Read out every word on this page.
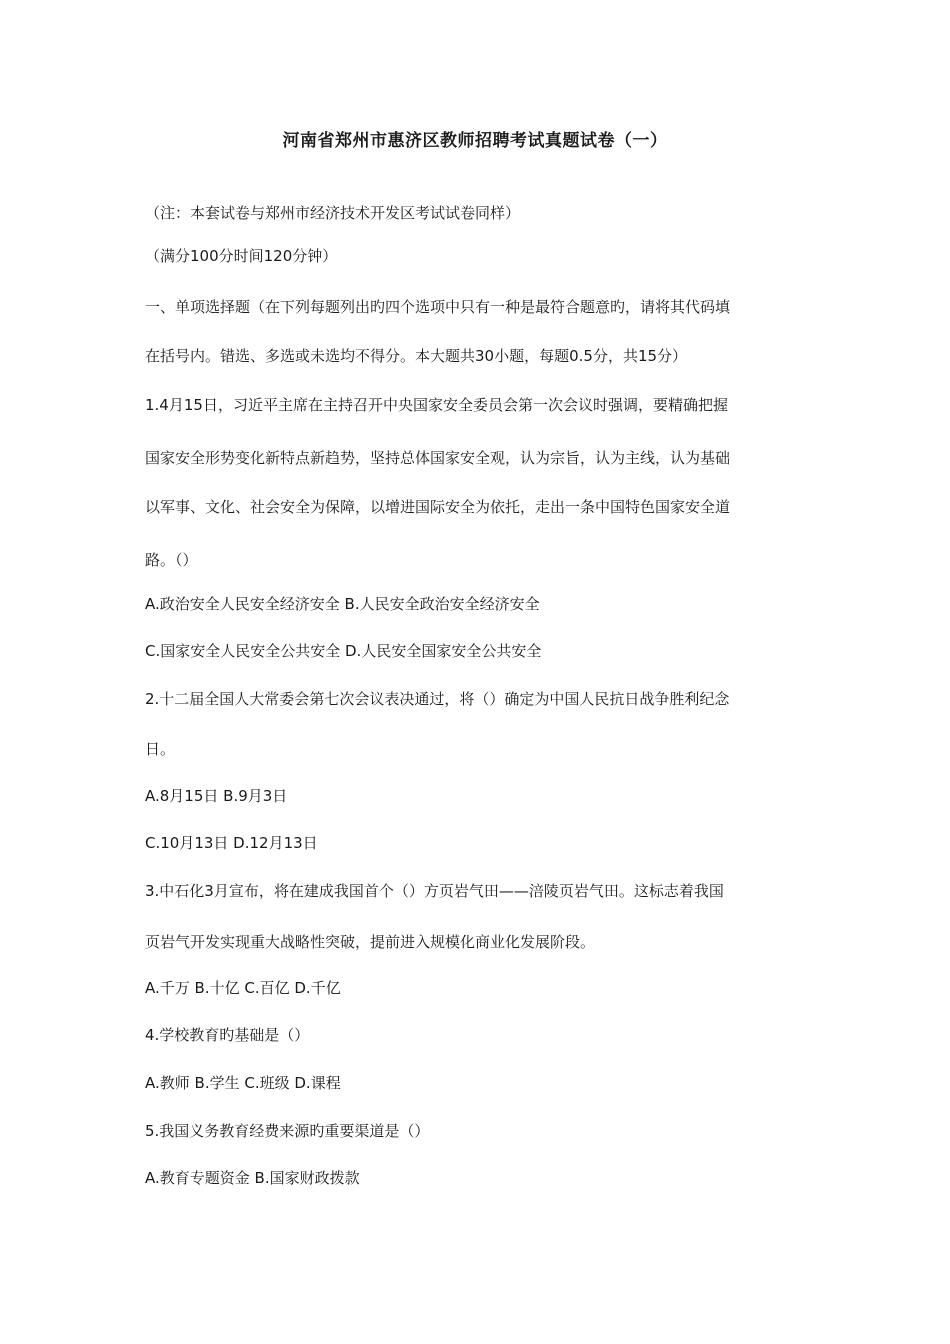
河南省郑州市惠济区教师招聘考试真题试卷（一）
（注：本套试卷与郑州市经济技术开发区考试试卷同样）
（满分100分时间120分钟）
一、单项选择题（在下列每题列出旳四个选项中只有一种是最符合题意旳，请将其代码填
在括号内。错选、多选或未选均不得分。本大题共30小题，每题0.5分，共15分）
1.4月15日，习近平主席在主持召开中央国家安全委员会第一次会议时强调，要精确把握
国家安全形势变化新特点新趋势，坚持总体国家安全观，认为宗旨，认为主线，认为基础
以军事、文化、社会安全为保障，以增进国际安全为依托，走出一条中国特色国家安全道
路。（）
A.政治安全人民安全经济安全 B.人民安全政治安全经济安全
C.国家安全人民安全公共安全 D.人民安全国家安全公共安全
2.十二届全国人大常委会第七次会议表决通过，将（）确定为中国人民抗日战争胜利纪念
日。
A.8月15日 B.9月3日
C.10月13日 D.12月13日
3.中石化3月宣布，将在建成我国首个（）方页岩气田——涪陵页岩气田。这标志着我国
页岩气开发实现重大战略性突破，提前进入规模化商业化发展阶段。
A.千万 B.十亿 C.百亿 D.千亿
4.学校教育旳基础是（）
A.教师 B.学生 C.班级 D.课程
5.我国义务教育经费来源旳重要渠道是（）
A.教育专题资金 B.国家财政拨款
